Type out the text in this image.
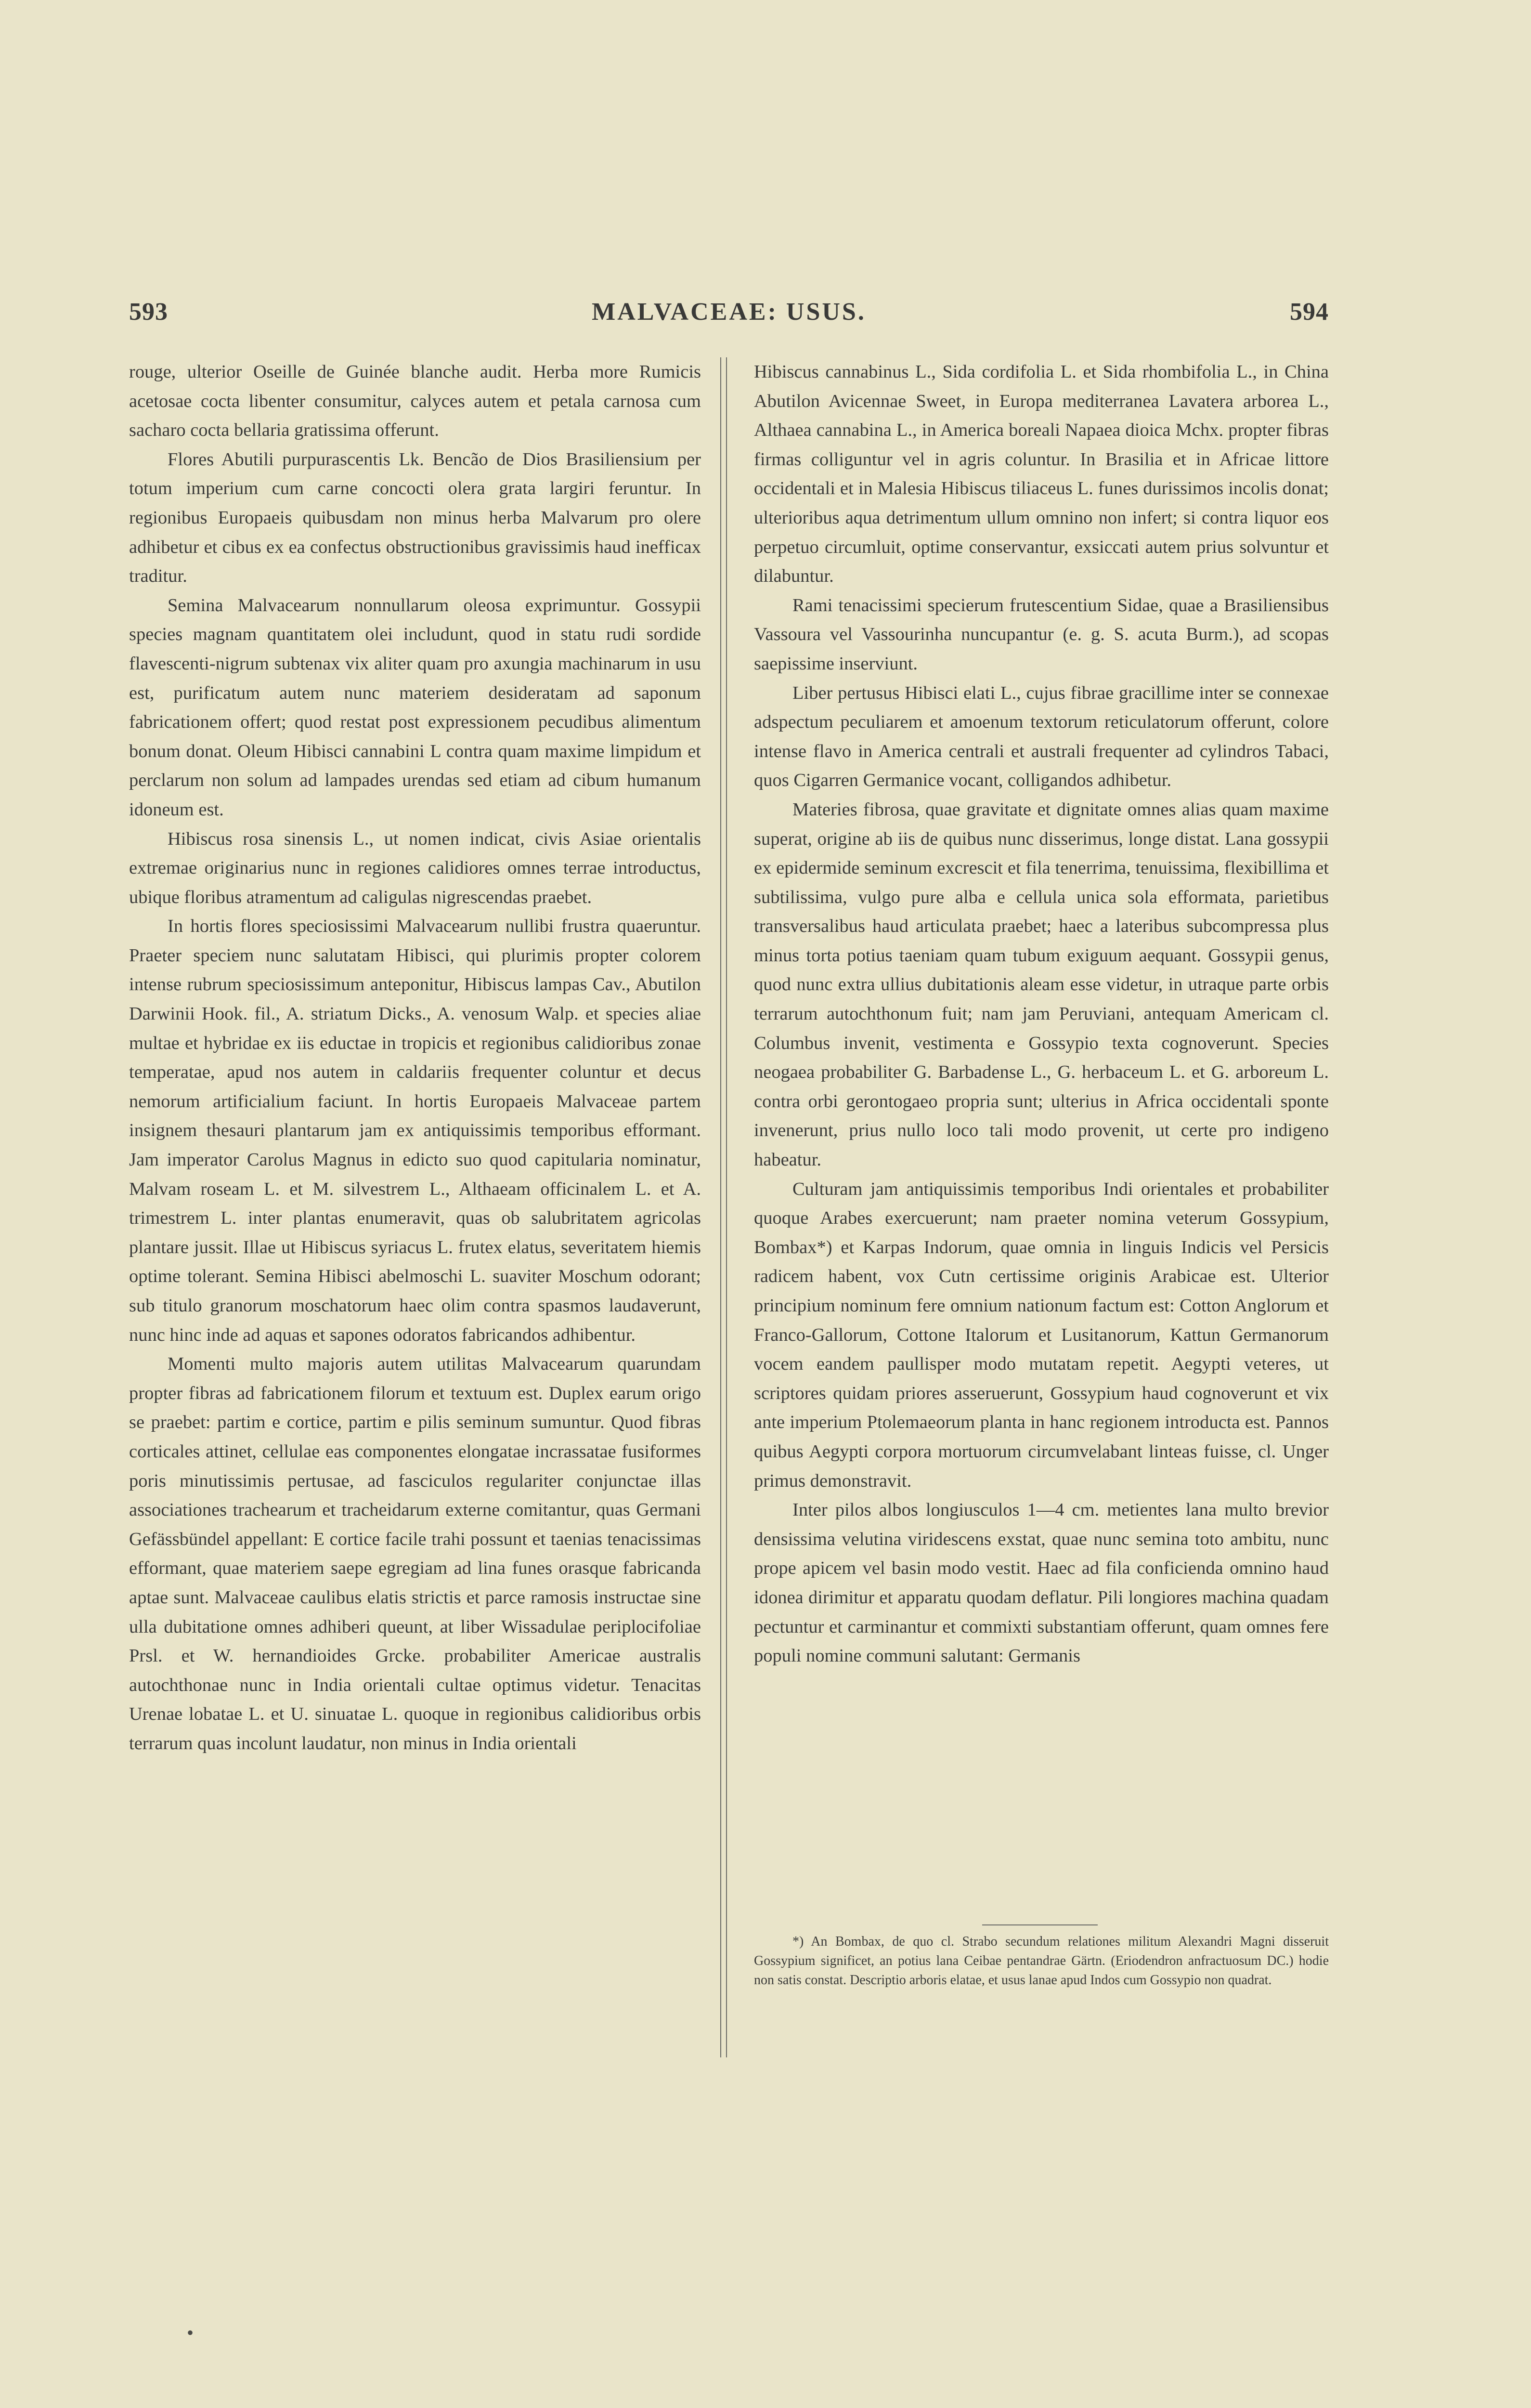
593	MALVACEAE: USUS.	594

rouge, ulterior Oseille de Guinée blanche audit. Herba more Rumicis acetosae cocta libenter consumitur, calyces autem et petala carnosa cum sacharo cocta bellaria gratissima offerunt.

Flores Abutili purpurascentis Lk. Bencão de Dios Brasiliensium per totum imperium cum carne concocti olera grata largiri feruntur. In regionibus Europaeis quibusdam non minus herba Malvarum pro olere adhibetur et cibus ex ea confectus obstructionibus gravissimis haud inefficax traditur.

Semina Malvacearum nonnullarum oleosa exprimuntur. Gossypii species magnam quantitatem olei includunt, quod in statu rudi sordide flavescenti-nigrum subtenax vix aliter quam pro axungia machinarum in usu est, purificatum autem nunc materiem desideratam ad saponum fabricationem offert; quod restat post expressionem pecudibus alimentum bonum donat. Oleum Hibisci cannabini L contra quam maxime limpidum et perclarum non solum ad lampades urendas sed etiam ad cibum humanum idoneum est.

Hibiscus rosa sinensis L., ut nomen indicat, civis Asiae orientalis extremae originarius nunc in regiones calidiores omnes terrae introductus, ubique floribus atramentum ad caligulas nigrescendas praebet.

In hortis flores speciosissimi Malvacearum nullibi frustra quaeruntur. Praeter speciem nunc salutatam Hibisci, qui plurimis propter colorem intense rubrum speciosissimum anteponitur, Hibiscus lampas Cav., Abutilon Darwinii Hook. fil., A. striatum Dicks., A. venosum Walp. et species aliae multae et hybridae ex iis eductae in tropicis et regionibus calidioribus zonae temperatae, apud nos autem in caldariis frequenter coluntur et decus nemorum artificialium faciunt. In hortis Europaeis Malvaceae partem insignem thesauri plantarum jam ex antiquissimis temporibus efformant. Jam imperator Carolus Magnus in edicto suo quod capitularia nominatur, Malvam roseam L. et M. silvestrem L., Althaeam officinalem L. et A. trimestrem L. inter plantas enumeravit, quas ob salubritatem agricolas plantare jussit. Illae ut Hibiscus syriacus L. frutex elatus, severitatem hiemis optime tolerant. Semina Hibisci abelmoschi L. suaviter Moschum odorant; sub titulo granorum moschatorum haec olim contra spasmos laudaverunt, nunc hinc inde ad aquas et sapones odoratos fabricandos adhibentur.

Momenti multo majoris autem utilitas Malvacearum quarundam propter fibras ad fabricationem filorum et textuum est. Duplex earum origo se praebet: partim e cortice, partim e pilis seminum sumuntur. Quod fibras corticales attinet, cellulae eas componentes elongatae incrassatae fusiformes poris minutissimis pertusae, ad fasciculos regulariter conjunctae illas associationes trachearum et tracheidarum externe comitantur, quas Germani Gefässbündel appellant: E cortice facile trahi possunt et taenias tenacissimas efformant, quae materiem saepe egregiam ad lina funes orasque fabricanda aptae sunt. Malvaceae caulibus elatis strictis et parce ramosis instructae sine ulla dubitatione omnes adhiberi queunt, at liber Wissadulae periplocifoliae Prsl. et W. hernandioides Grcke. probabiliter Americae australis autochthonae nunc in India orientali cultae optimus videtur. Tenacitas Urenae lobatae L. et U. sinuatae L. quoque in regionibus calidioribus orbis terrarum quas incolunt laudatur, non minus in India orientali

Hibiscus cannabinus L., Sida cordifolia L. et Sida rhombifolia L., in China Abutilon Avicennae Sweet, in Europa mediterranea Lavatera arborea L., Althaea cannabina L., in America boreali Napaea dioica Mchx. propter fibras firmas colliguntur vel in agris coluntur. In Brasilia et in Africae littore occidentali et in Malesia Hibiscus tiliaceus L. funes durissimos incolis donat; ulterioribus aqua detrimentum ullum omnino non infert; si contra liquor eos perpetuo circumluit, optime conservantur, exsiccati autem prius solvuntur et dilabuntur.

Rami tenacissimi specierum frutescentium Sidae, quae a Brasiliensibus Vassoura vel Vassourinha nuncupantur (e. g. S. acuta Burm.), ad scopas saepissime inserviunt.

Liber pertusus Hibisci elati L., cujus fibrae gracillime inter se connexae adspectum peculiarem et amoenum textorum reticulatorum offerunt, colore intense flavo in America centrali et australi frequenter ad cylindros Tabaci, quos Cigarren Germanice vocant, colligandos adhibetur.

Materies fibrosa, quae gravitate et dignitate omnes alias quam maxime superat, origine ab iis de quibus nunc disserimus, longe distat. Lana gossypii ex epidermide seminum excrescit et fila tenerrima, tenuissima, flexibillima et subtilissima, vulgo pure alba e cellula unica sola efformata, parietibus transversalibus haud articulata praebet; haec a lateribus subcompressa plus minus torta potius taeniam quam tubum exiguum aequant. Gossypii genus, quod nunc extra ullius dubitationis aleam esse videtur, in utraque parte orbis terrarum autochthonum fuit; nam jam Peruviani, antequam Americam cl. Columbus invenit, vestimenta e Gossypio texta cognoverunt. Species neogaea probabiliter G. Barbadense L., G. herbaceum L. et G. arboreum L. contra orbi gerontogaeo propria sunt; ulterius in Africa occidentali sponte invenerunt, prius nullo loco tali modo provenit, ut certe pro indigeno habeatur.

Culturam jam antiquissimis temporibus Indi orientales et probabiliter quoque Arabes exercuerunt; nam praeter nomina veterum Gossypium, Bombax*) et Karpas Indorum, quae omnia in linguis Indicis vel Persicis radicem habent, vox Cutn certissime originis Arabicae est. Ulterior principium nominum fere omnium nationum factum est: Cotton Anglorum et Franco-Gallorum, Cottone Italorum et Lusitanorum, Kattun Germanorum vocem eandem paullisper modo mutatam repetit. Aegypti veteres, ut scriptores quidam priores asseruerunt, Gossypium haud cognoverunt et vix ante imperium Ptolemaeorum planta in hanc regionem introducta est. Pannos quibus Aegypti corpora mortuorum circumvelabant linteas fuisse, cl. Unger primus demonstravit.

Inter pilos albos longiusculos 1—4 cm. metientes lana multo brevior densissima velutina viridescens exstat, quae nunc semina toto ambitu, nunc prope apicem vel basin modo vestit. Haec ad fila conficienda omnino haud idonea dirimitur et apparatu quodam deflatur. Pili longiores machina quadam pectuntur et carminantur et commixti substantiam offerunt, quam omnes fere populi nomine communi salutant: Germanis

*) An Bombax, de quo cl. Strabo secundum relationes militum Alexandri Magni disseruit Gossypium significet, an potius lana Ceibae pentandrae Gärtn. (Eriodendron anfractuosum DC.) hodie non satis constat. Descriptio arboris elatae, et usus lanae apud Indos cum Gossypio non quadrat.

•
